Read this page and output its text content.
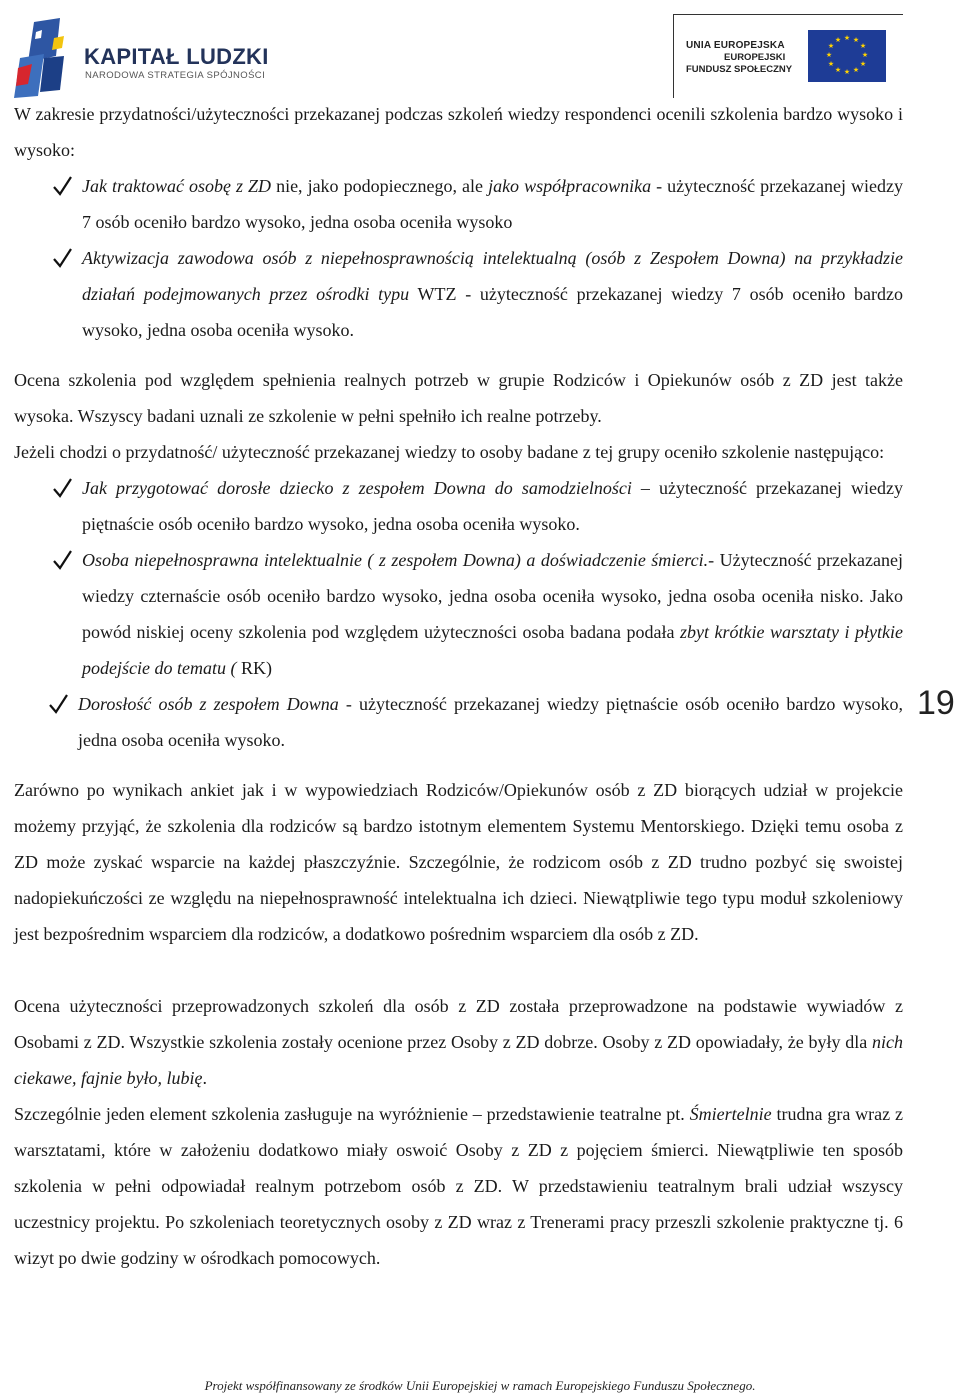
KAPITAŁ LUDZKI
NARODOWA STRATEGIA SPÓJNOŚCI
UNIA EUROPEJSKA
EUROPEJSKI
FUNDUSZ SPOŁECZNY
★ ★
★
★
★
★
★
★
★
★
★
★

W zakresie przydatności/użyteczności przekazanej podczas szkoleń wiedzy respondenci ocenili szkolenia bardzo wysoko i wysoko:

Jak traktować osobę z ZD nie, jako podopiecznego, ale jako współpracownika - użyteczność przekazanej wiedzy 7 osób oceniło bardzo wysoko, jedna osoba oceniła wysoko
Aktywizacja zawodowa osób z niepełnosprawnością intelektualną (osób z Zespołem Downa) na przykładzie działań podejmowanych przez ośrodki typu WTZ - użyteczność przekazanej wiedzy 7 osób oceniło bardzo wysoko, jedna osoba oceniła wysoko.

Ocena szkolenia pod względem spełnienia realnych potrzeb w grupie Rodziców i Opiekunów osób z ZD jest także wysoka. Wszyscy badani uznali ze szkolenie w pełni spełniło ich realne potrzeby.

Jeżeli chodzi o przydatność/ użyteczność przekazanej wiedzy to osoby badane z tej grupy oceniło szkolenie następująco:

Jak przygotować dorosłe dziecko z zespołem Downa do samodzielności – użyteczność przekazanej wiedzy piętnaście osób oceniło bardzo wysoko, jedna osoba oceniła wysoko.
Osoba niepełnosprawna intelektualnie ( z zespołem Downa) a doświadczenie śmierci.- Użyteczność przekazanej wiedzy czternaście osób oceniło bardzo wysoko, jedna osoba oceniła wysoko, jedna osoba oceniła nisko. Jako powód niskiej oceny szkolenia pod względem użyteczności osoba badana podała zbyt krótkie warsztaty i płytkie podejście do tematu ( RK)
Dorosłość osób z zespołem Downa - użyteczność przekazanej wiedzy piętnaście osób oceniło bardzo wysoko, jedna osoba oceniła wysoko.

Zarówno po wynikach ankiet jak i w wypowiedziach Rodziców/Opiekunów osób z ZD biorących udział w projekcie możemy przyjąć, że szkolenia dla rodziców są bardzo istotnym elementem Systemu Mentorskiego. Dzięki temu osoba z ZD może zyskać wsparcie na każdej płaszczyźnie. Szczególnie, że rodzicom osób z ZD trudno pozbyć się swoistej nadopiekuńczości ze względu na niepełnosprawność intelektualna ich dzieci. Niewątpliwie tego typu moduł szkoleniowy jest bezpośrednim wsparciem dla rodziców, a dodatkowo pośrednim wsparciem dla osób z ZD.

Ocena użyteczności przeprowadzonych szkoleń dla osób z ZD została przeprowadzone na podstawie wywiadów z Osobami z ZD. Wszystkie szkolenia zostały ocenione przez Osoby z ZD dobrze. Osoby z ZD opowiadały, że były dla nich ciekawe, fajnie było, lubię.

Szczególnie jeden element szkolenia zasługuje na wyróżnienie – przedstawienie teatralne pt. Śmiertelnie trudna gra wraz z warsztatami, które w założeniu dodatkowo miały oswoić Osoby z ZD z pojęciem śmierci. Niewątpliwie ten sposób szkolenia w pełni odpowiadał realnym potrzebom osób z ZD. W przedstawieniu teatralnym brali udział wszyscy uczestnicy projektu. Po szkoleniach teoretycznych osoby z ZD wraz z Trenerami pracy przeszli szkolenie praktyczne tj. 6 wizyt po dwie godziny w ośrodkach pomocowych.

19
Projekt współfinansowany ze środków Unii Europejskiej w ramach Europejskiego Funduszu Społecznego.
